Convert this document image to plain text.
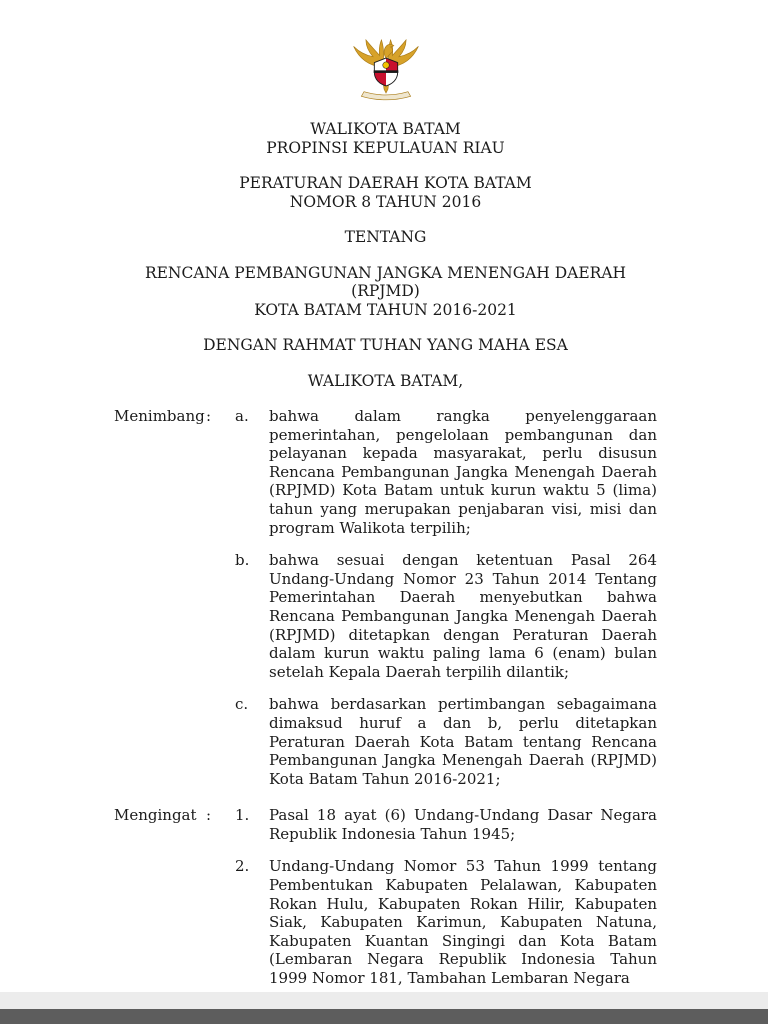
WALIKOTA BATAM
PROPINSI KEPULAUAN RIAU
PERATURAN DAERAH KOTA BATAM
NOMOR 8 TAHUN 2016
TENTANG
RENCANA PEMBANGUNAN JANGKA MENENGAH DAERAH (RPJMD)
KOTA BATAM TAHUN 2016-2021
DENGAN RAHMAT TUHAN YANG MAHA ESA
WALIKOTA BATAM,
Menimbang :	a.	bahwa dalam rangka penyelenggaraan pemerintahan, pengelolaan pembangunan dan pelayanan kepada masyarakat, perlu disusun Rencana Pembangunan Jangka Menengah Daerah (RPJMD) Kota Batam untuk kurun waktu 5 (lima) tahun yang merupakan penjabaran visi, misi dan program Walikota terpilih;
b.	bahwa sesuai dengan ketentuan Pasal 264 Undang-Undang Nomor 23 Tahun 2014 Tentang Pemerintahan Daerah menyebutkan bahwa Rencana Pembangunan Jangka Menengah Daerah (RPJMD) ditetapkan dengan Peraturan Daerah dalam kurun waktu paling lama 6 (enam) bulan setelah Kepala Daerah terpilih dilantik;
c.	bahwa berdasarkan pertimbangan sebagaimana dimaksud huruf a dan b, perlu ditetapkan Peraturan Daerah Kota Batam tentang Rencana Pembangunan Jangka Menengah Daerah (RPJMD) Kota Batam Tahun 2016-2021;
Mengingat :	1.	Pasal 18 ayat (6) Undang-Undang Dasar Negara Republik Indonesia Tahun 1945;
2.	Undang-Undang Nomor 53 Tahun 1999 tentang Pembentukan Kabupaten Pelalawan, Kabupaten Rokan Hulu, Kabupaten Rokan Hilir, Kabupaten Siak, Kabupaten Karimun, Kabupaten Natuna, Kabupaten Kuantan Singingi dan Kota Batam (Lembaran Negara Republik Indonesia Tahun 1999 Nomor 181, Tambahan Lembaran Negara
